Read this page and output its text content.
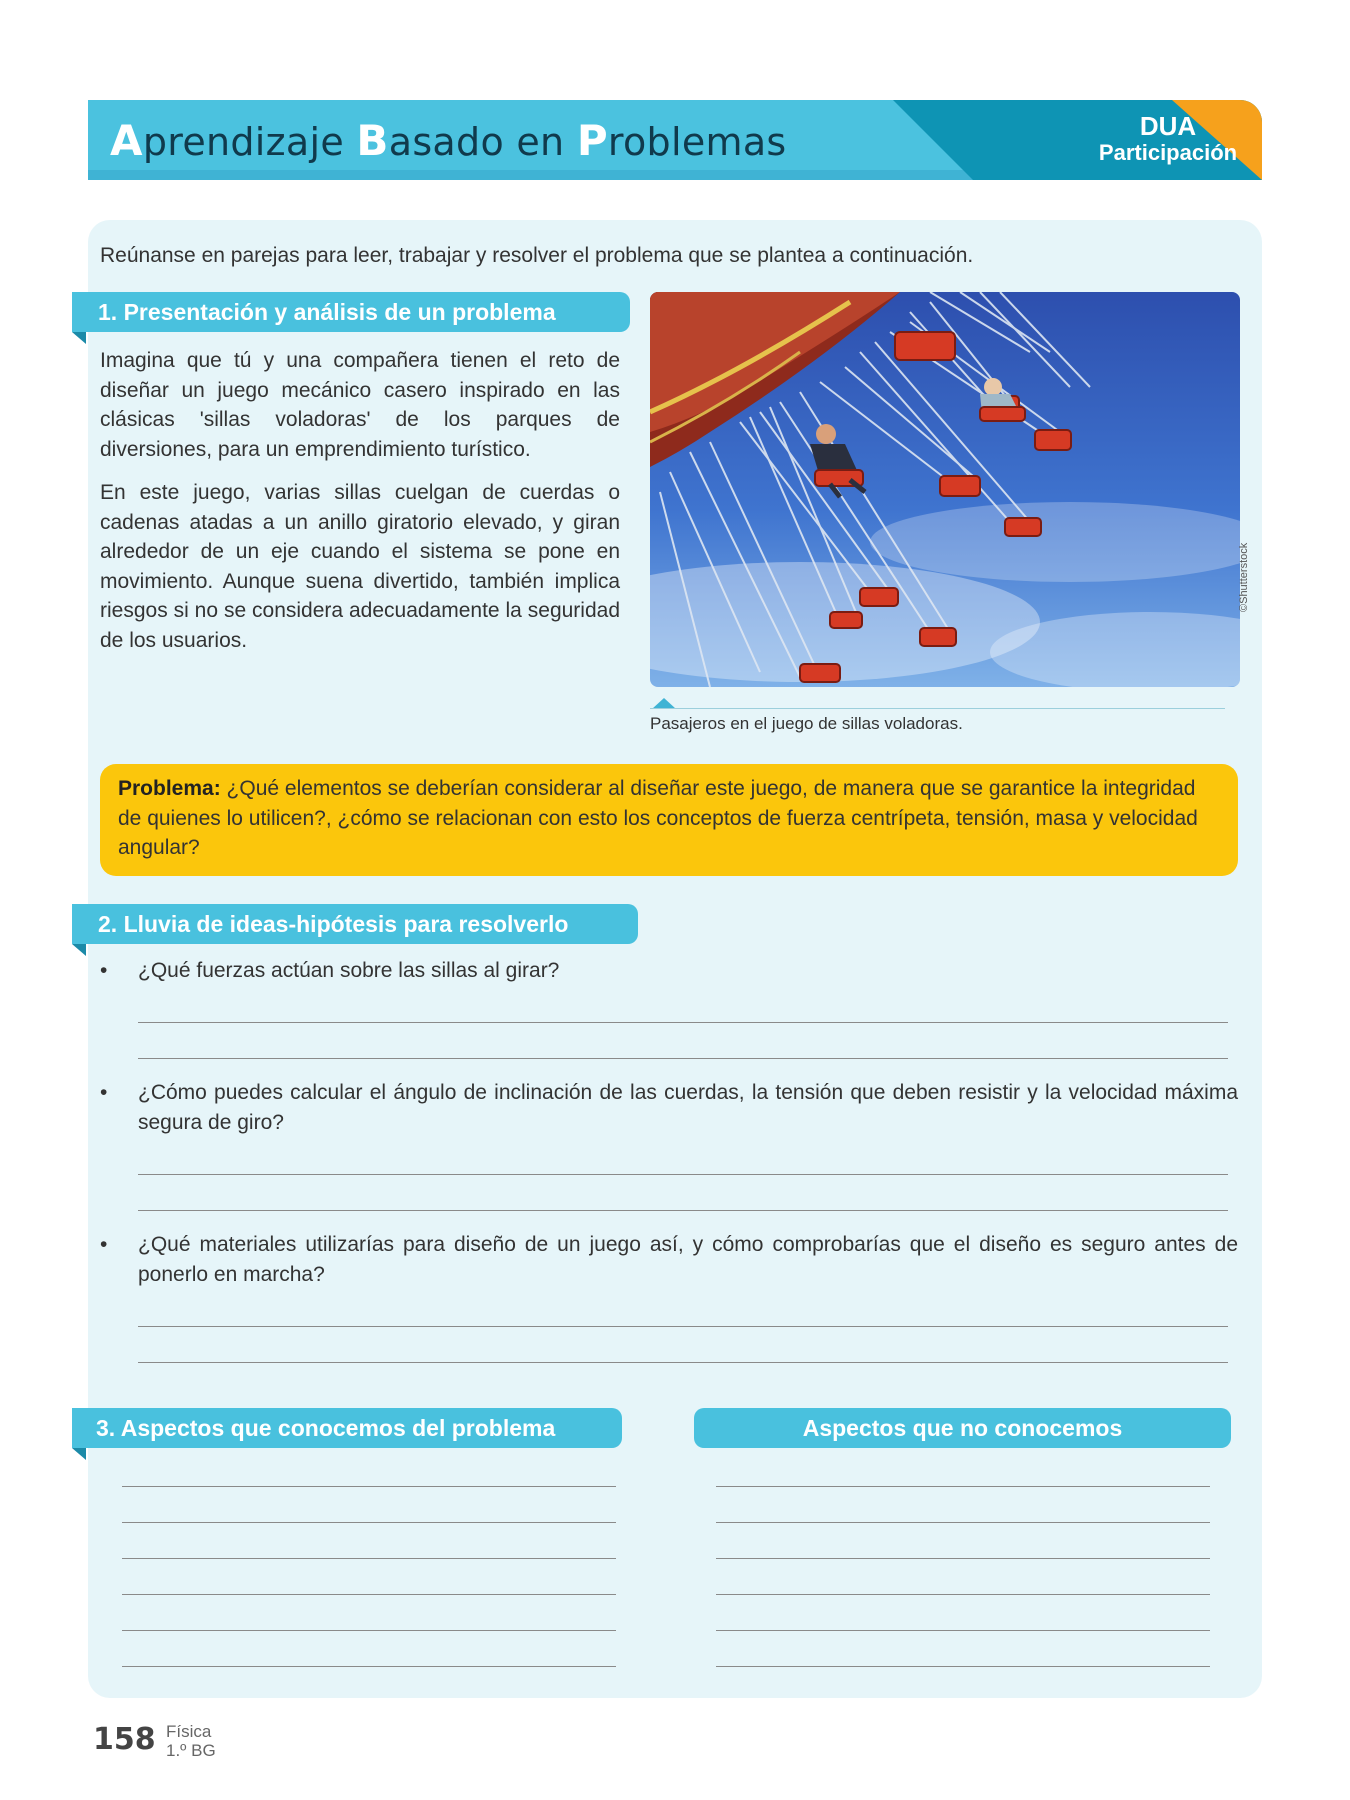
Aprendizaje Basado en Problemas	DUA
Participación
Reúnanse en parejas para leer, trabajar y resolver el problema que se plantea a continuación.
1. Presentación y análisis de un problema
Imagina que tú y una compañera tienen el reto de diseñar un juego mecánico casero inspirado en las clásicas 'sillas voladoras' de los parques de diversiones, para un emprendimiento turístico.
En este juego, varias sillas cuelgan de cuerdas o cadenas atadas a un anillo giratorio elevado, y giran alrededor de un eje cuando el sistema se pone en movimiento. Aunque suena divertido, también implica riesgos si no se considera adecuadamente la seguridad de los usuarios.
©Shutterstock
Pasajeros en el juego de sillas voladoras.

Problema: ¿Qué elementos se deberían considerar al diseñar este juego, de manera que se garantice la integridad de quienes lo utilicen?, ¿cómo se relacionan con esto los conceptos de fuerza centrípeta, tensión, masa y velocidad angular?

2. Lluvia de ideas-hipótesis para resolverlo
• ¿Qué fuerzas actúan sobre las sillas al girar?
• ¿Cómo puedes calcular el ángulo de inclinación de las cuerdas, la tensión que deben resistir y la velocidad máxima segura de giro?
• ¿Qué materiales utilizarías para diseño de un juego así, y cómo comprobarías que el diseño es seguro antes de ponerlo en marcha?
3. Aspectos que conocemos del problema	Aspectos que no conocemos
158 Física
1.º BG
